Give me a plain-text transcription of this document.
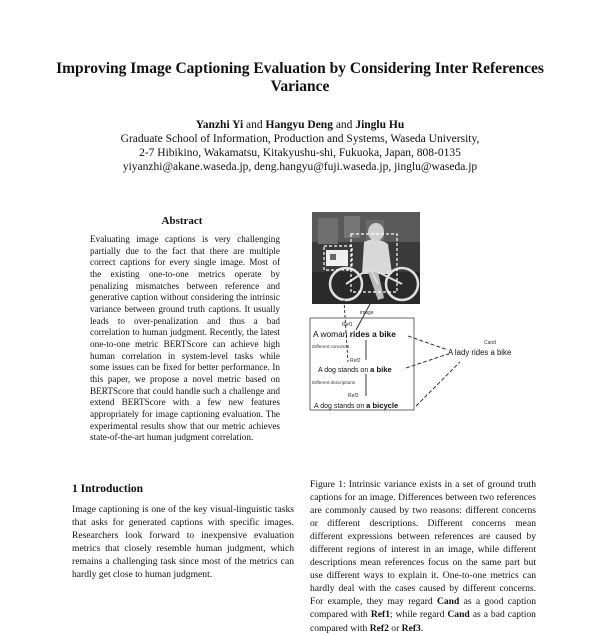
Improving Image Captioning Evaluation by Considering Inter References Variance
Yanzhi Yi and Hangyu Deng and Jinglu Hu
Graduate School of Information, Production and Systems, Waseda University,
2-7 Hibikino, Wakamatsu, Kitakyushu-shi, Fukuoka, Japan, 808-0135
yiyanzhi@akane.waseda.jp, deng.hangyu@fuji.waseda.jp, jinglu@waseda.jp
Abstract
Evaluating image captions is very challenging partially due to the fact that there are multiple correct captions for every single image. Most of the existing one-to-one metrics operate by penalizing mismatches between reference and generative caption without considering the intrinsic variance between ground truth captions. It usually leads to over-penalization and thus a bad correlation to human judgment. Recently, the latest one-to-one metric BERTScore can achieve high human correlation in system-level tasks while some issues can be fixed for better performance. In this paper, we propose a novel metric based on BERTScore that could handle such a challenge and extend BERTScore with a few new features appropriately for image captioning evaluation. The experimental results show that our metric achieves state-of-the-art human judgment correlation.
1 Introduction
Image captioning is one of the key visual-linguistic tasks that asks for generated captions with specific images. Researchers look forward to inexpensive evaluation metrics that closely resemble human judgment, which remains a challenging task since most of the metrics can hardly get close to human judgment.
image
Different concerns
Different descriptions
Ref1
A woman rides a bike
Ref2
A dog stands on a bike
Ref3
A dog stands on a bicycle
Cand
A lady rides a bike
Figure 1: Intrinsic variance exists in a set of ground truth captions for an image. Differences between two references are commonly caused by two reasons: different concerns or different descriptions. Different concerns mean different expressions between references are caused by different regions of interest in an image, while different descriptions mean references focus on the same part but use different ways to explain it. One-to-one metrics can hardly deal with the cases caused by different concerns. For example, they may regard Cand as a good caption compared with Ref1; while regard Cand as a bad caption compared with Ref2 or Ref3.
